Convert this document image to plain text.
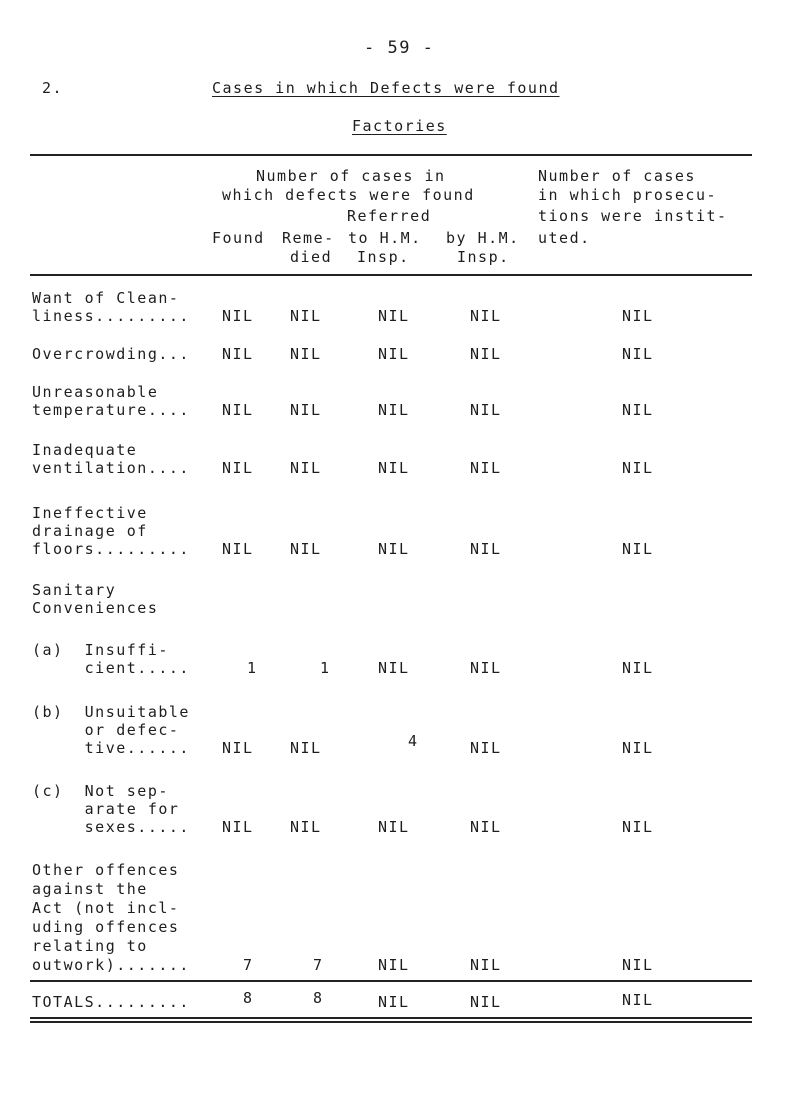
- 59 -
2.	Cases in which Defects were found
Factories
Number of cases in
which defects were found
Referred
Found Reme-
died
to H.M.
Insp.
by H.M.
Insp.
Number of cases
in which prosecu-
tions were instit-
uted.
Want of Clean-
liness......... NIL NIL	NIL	NIL	NIL
Overcrowding... NIL NIL	NIL	NIL	NIL
Unreasonable
temperature.... NIL NIL	NIL	NIL	NIL
Inadequate
ventilation.... NIL NIL	NIL	NIL	NIL
Ineffective
drainage of
floors......... NIL NIL	NIL	NIL	NIL
Sanitary
Conveniences
(a)  Insuffi-
cient.....	1	1	NIL	NIL	NIL
(b)  Unsuitable
or defec-
tive...... NIL NIL	4	NIL	NIL
(c)  Not sep-
arate for
sexes..... NIL NIL	NIL	NIL	NIL
Other offences
against the
Act (not incl-
uding offences
relating to
outwork).......	7	7	NIL	NIL	NIL
TOTALS.........	8	8	NIL	NIL	NIL
